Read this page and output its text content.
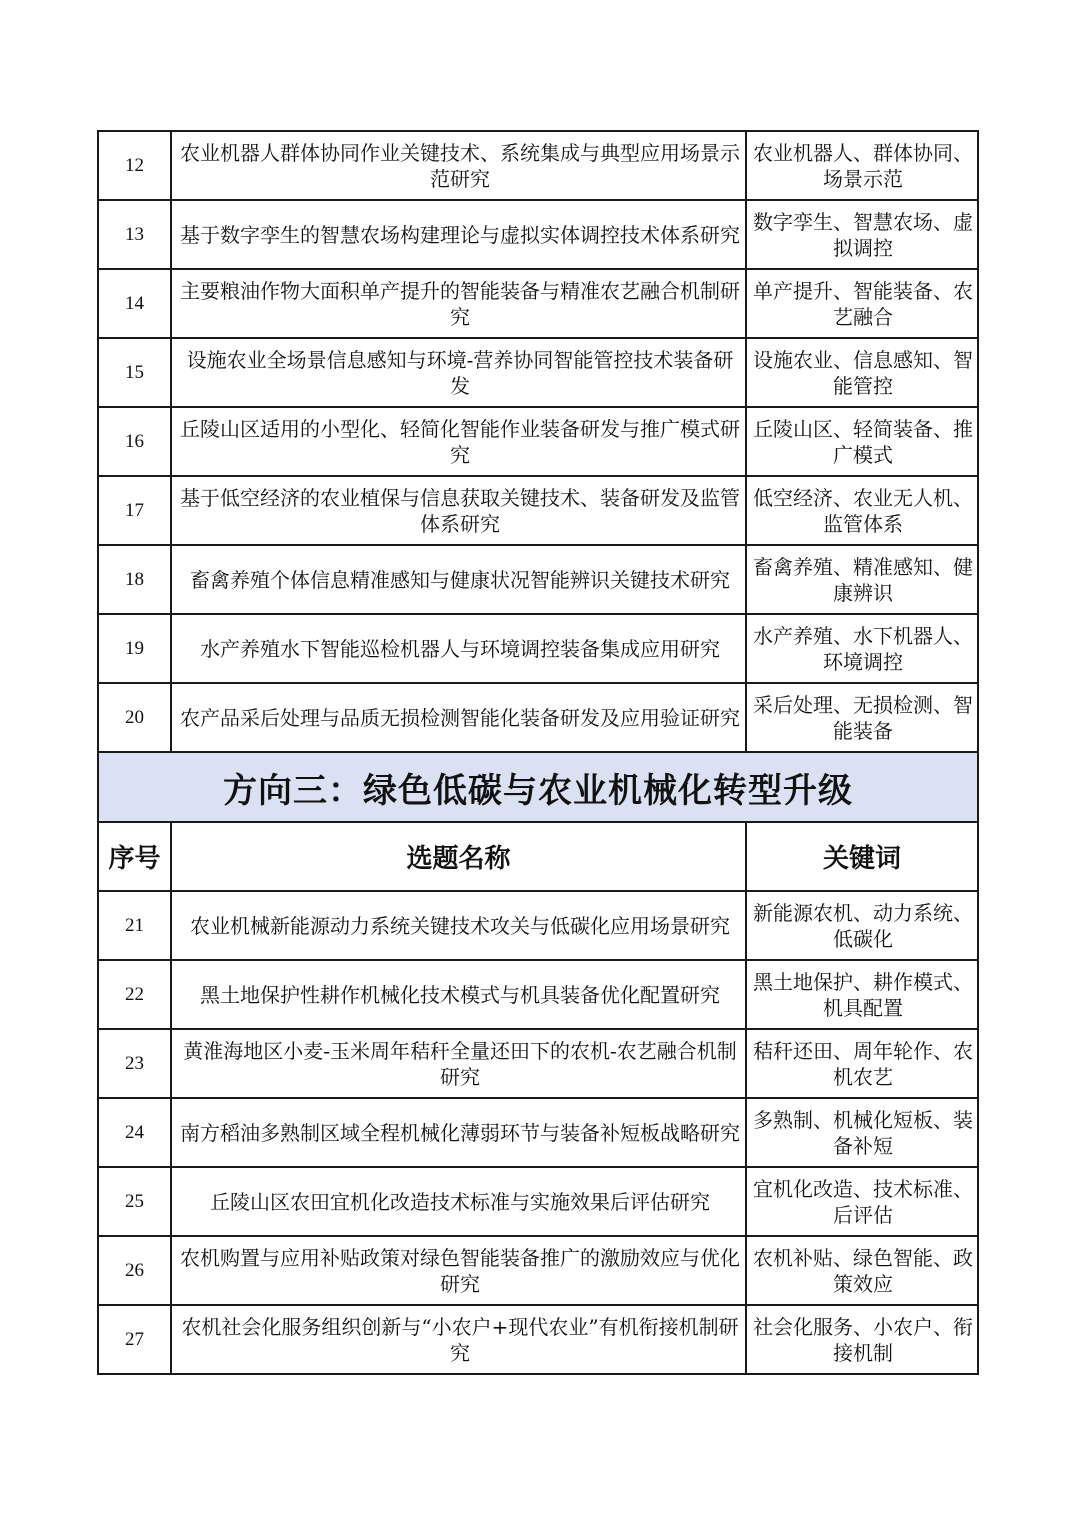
12	农业机器人群体协同作业关键技术、系统集成与典型应用场景示范研究	农业机器人、群体协同、场景示范
13	基于数字孪生的智慧农场构建理论与虚拟实体调控技术体系研究	数字孪生、智慧农场、虚拟调控
14	主要粮油作物大面积单产提升的智能装备与精准农艺融合机制研究	单产提升、智能装备、农艺融合
15	设施农业全场景信息感知与环境-营养协同智能管控技术装备研发	设施农业、信息感知、智能管控
16	丘陵山区适用的小型化、轻简化智能作业装备研发与推广模式研究	丘陵山区、轻简装备、推广模式
17	基于低空经济的农业植保与信息获取关键技术、装备研发及监管体系研究	低空经济、农业无人机、监管体系
18	畜禽养殖个体信息精准感知与健康状况智能辨识关键技术研究	畜禽养殖、精准感知、健康辨识
19	水产养殖水下智能巡检机器人与环境调控装备集成应用研究	水产养殖、水下机器人、环境调控
20	农产品采后处理与品质无损检测智能化装备研发及应用验证研究	采后处理、无损检测、智能装备
方向三：绿色低碳与农业机械化转型升级		
序号	选题名称	关键词
21	农业机械新能源动力系统关键技术攻关与低碳化应用场景研究	新能源农机、动力系统、低碳化
22	黑土地保护性耕作机械化技术模式与机具装备优化配置研究	黑土地保护、耕作模式、机具配置
23	黄淮海地区小麦-玉米周年秸秆全量还田下的农机-农艺融合机制研究	秸秆还田、周年轮作、农机农艺
24	南方稻油多熟制区域全程机械化薄弱环节与装备补短板战略研究	多熟制、机械化短板、装备补短
25	丘陵山区农田宜机化改造技术标准与实施效果后评估研究	宜机化改造、技术标准、后评估
26	农机购置与应用补贴政策对绿色智能装备推广的激励效应与优化研究	农机补贴、绿色智能、政策效应
27	农机社会化服务组织创新与“小农户+现代农业”有机衔接机制研究	社会化服务、小农户、衔接机制
